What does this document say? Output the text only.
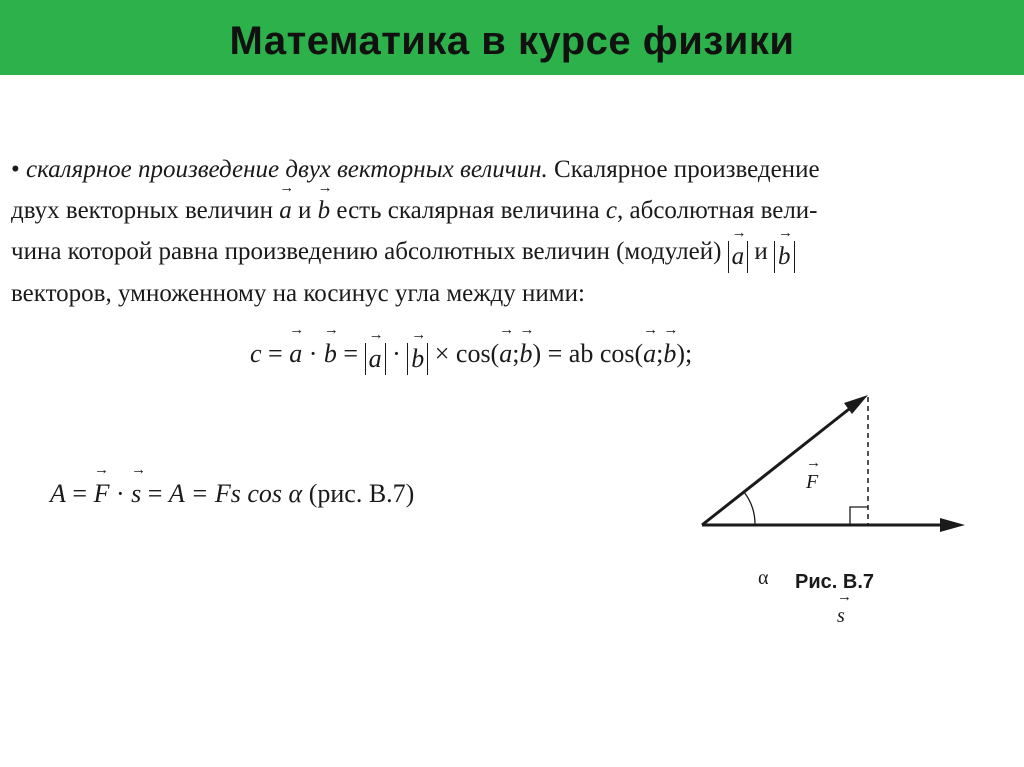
Математика в курсе физики
• скалярное произведение двух векторных величин. Скалярное произведение
двух векторных величин → a и → b есть скалярная величина c, абсолютная вели-
чина которой равна произведению абсолютных величин (модулей) → a и → b
векторов, умноженному на косинус угла между ними:
c = → a · → b = → a · → b × cos(→ a;→ b) = ab cos(→ a;→ b);
A = → F · → s = A = Fs cos α (рис. В.7)
→	F
α
→ s
Рис. В.7
